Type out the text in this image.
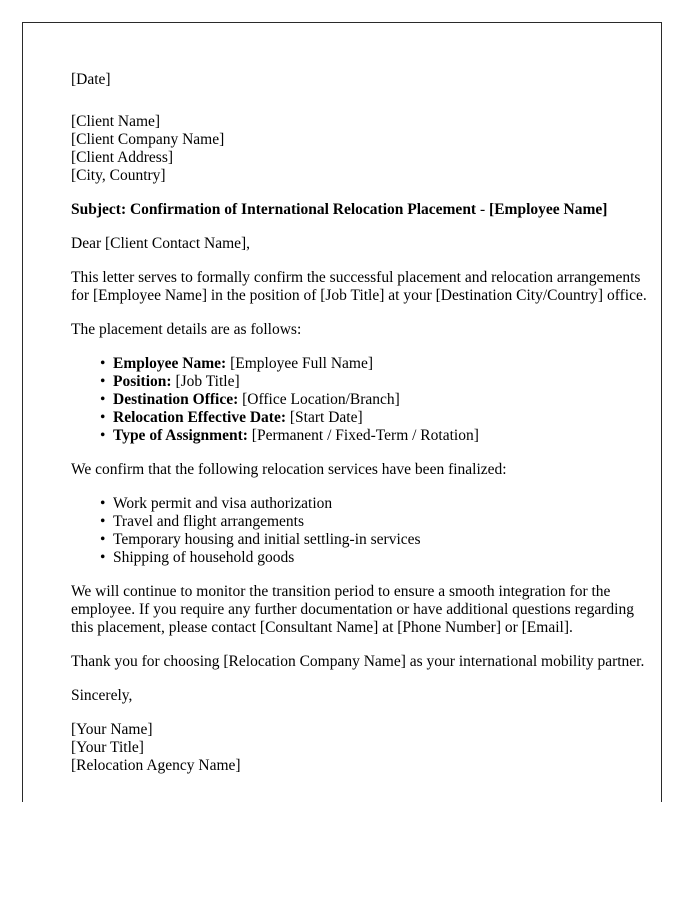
[Date]
[Client Name]
[Client Company Name]
[Client Address]
[City, Country]
Subject: Confirmation of International Relocation Placement - [Employee Name]
Dear [Client Contact Name],
This letter serves to formally confirm the successful placement and relocation arrangements for [Employee Name] in the position of [Job Title] at your [Destination City/Country] office.
The placement details are as follows:
• Employee Name: [Employee Full Name]
• Position: [Job Title]
• Destination Office: [Office Location/Branch]
• Relocation Effective Date: [Start Date]
• Type of Assignment: [Permanent / Fixed-Term / Rotation]
We confirm that the following relocation services have been finalized:
• Work permit and visa authorization
• Travel and flight arrangements
• Temporary housing and initial settling-in services
• Shipping of household goods
We will continue to monitor the transition period to ensure a smooth integration for the employee. If you require any further documentation or have additional questions regarding this placement, please contact [Consultant Name] at [Phone Number] or [Email].
Thank you for choosing [Relocation Company Name] as your international mobility partner.
Sincerely,
[Your Name]
[Your Title]
[Relocation Agency Name]
